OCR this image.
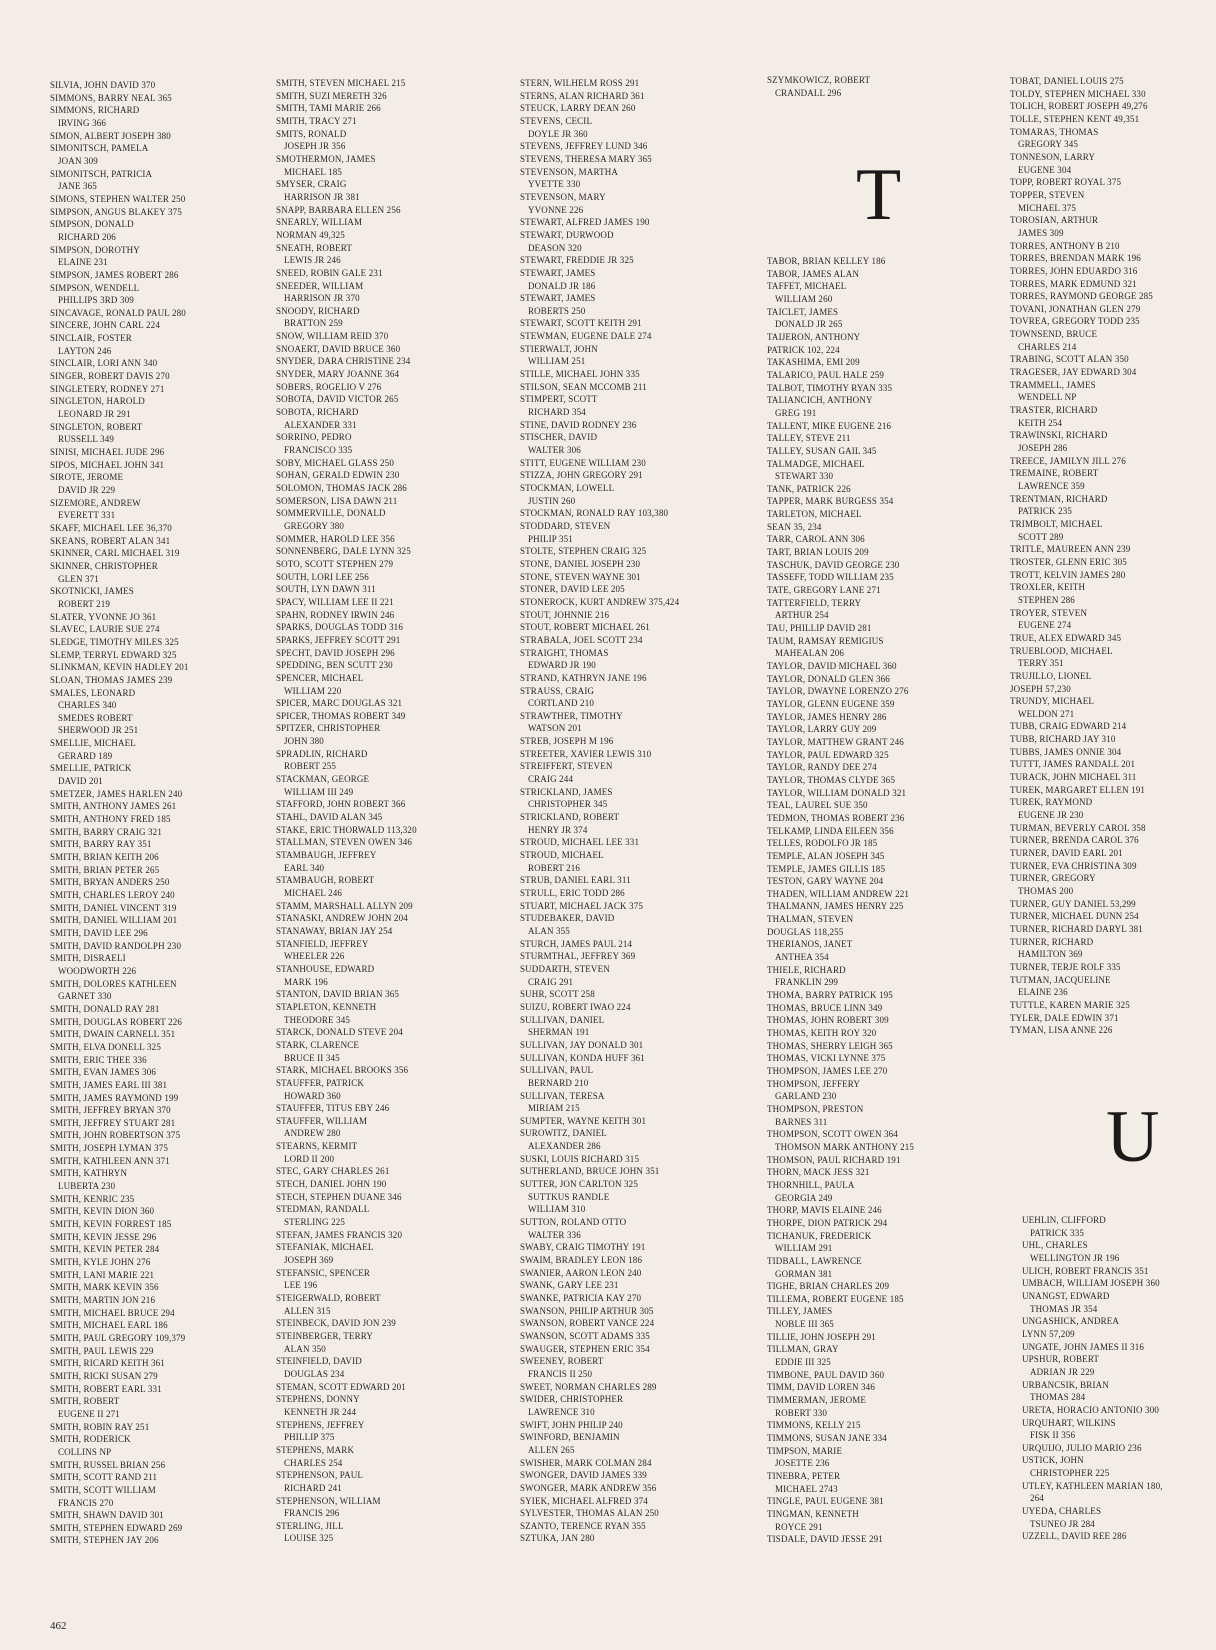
SILVIA, JOHN DAVID 370
SIMMONS, BARRY NEAL 365
SIMMONS, RICHARD
IRVING 366
SIMON, ALBERT JOSEPH 380
SIMONITSCH, PAMELA
JOAN 309
SIMONITSCH, PATRICIA
JANE 365
SIMONS, STEPHEN WALTER 250
SIMPSON, ANGUS BLAKEY 375
SIMPSON, DONALD
RICHARD 206
SIMPSON, DOROTHY
ELAINE 231
SIMPSON, JAMES ROBERT 286
SIMPSON, WENDELL
PHILLIPS 3RD 309
SINCAVAGE, RONALD PAUL 280
SINCERE, JOHN CARL 224
SINCLAIR, FOSTER
LAYTON 246
SINCLAIR, LORI ANN 340
SINGER, ROBERT DAVIS 270
SINGLETERY, RODNEY 271
SINGLETON, HAROLD
LEONARD JR 291
SINGLETON, ROBERT
RUSSELL 349
SINISI, MICHAEL JUDE 296
SIPOS, MICHAEL JOHN 341
SIROTE, JEROME
DAVID JR 229
SIZEMORE, ANDREW
EVERETT 331
SKAFF, MICHAEL LEE 36,370
SKEANS, ROBERT ALAN 341
SKINNER, CARL MICHAEL 319
SKINNER, CHRISTOPHER
GLEN 371
SKOTNICKI, JAMES
ROBERT 219
SLATER, YVONNE JO 361
SLAVEC, LAURIE SUE 274
SLEDGE, TIMOTHY MILES 325
SLEMP, TERRYL EDWARD 325
SLINKMAN, KEVIN HADLEY 201
SLOAN, THOMAS JAMES 239
SMALES, LEONARD
CHARLES 340
SMEDES ROBERT
SHERWOOD JR 251
SMELLIE, MICHAEL
GERARD 189
SMELLIE, PATRICK
DAVID 201
SMETZER, JAMES HARLEN 240
SMITH, ANTHONY JAMES 261
SMITH, ANTHONY FRED 185
SMITH, BARRY CRAIG 321
SMITH, BARRY RAY 351
SMITH, BRIAN KEITH 206
SMITH, BRIAN PETER 265
SMITH, BRYAN ANDERS 250
SMITH, CHARLES LEROY 240
SMITH, DANIEL VINCENT 319
SMITH, DANIEL WILLIAM 201
SMITH, DAVID LEE 296
SMITH, DAVID RANDOLPH 230
SMITH, DISRAELI
WOODWORTH 226
SMITH, DOLORES KATHLEEN
GARNET 330
SMITH, DONALD RAY 281
SMITH, DOUGLAS ROBERT 226
SMITH, DWAIN CARNELL 351
SMITH, ELVA DONELL 325
SMITH, ERIC THEE 336
SMITH, EVAN JAMES 306
SMITH, JAMES EARL III 381
SMITH, JAMES RAYMOND 199
SMITH, JEFFREY BRYAN 370
SMITH, JEFFREY STUART 281
SMITH, JOHN ROBERTSON 375
SMITH, JOSEPH LYMAN 375
SMITH, KATHLEEN ANN 371
SMITH, KATHRYN
LUBERTA 230
SMITH, KENRIC 235
SMITH, KEVIN DION 360
SMITH, KEVIN FORREST 185
SMITH, KEVIN JESSE 296
SMITH, KEVIN PETER 284
SMITH, KYLE JOHN 276
SMITH, LANI MARIE 221
SMITH, MARK KEVIN 356
SMITH, MARTIN JON 216
SMITH, MICHAEL BRUCE 294
SMITH, MICHAEL EARL 186
SMITH, PAUL GREGORY 109,379
SMITH, PAUL LEWIS 229
SMITH, RICARD KEITH 361
SMITH, RICKI SUSAN 279
SMITH, ROBERT EARL 331
SMITH, ROBERT
EUGENE II 271
SMITH, ROBIN RAY 251
SMITH, RODERICK
COLLINS NP
SMITH, RUSSEL BRIAN 256
SMITH, SCOTT RAND 211
SMITH, SCOTT WILLIAM
FRANCIS 270
SMITH, SHAWN DAVID 301
SMITH, STEPHEN EDWARD 269
SMITH, STEPHEN JAY 206
SMITH, STEVEN MICHAEL 215
SMITH, SUZI MERETH 326
SMITH, TAMI MARIE 266
SMITH, TRACY 271
SMITS, RONALD
JOSEPH JR 356
SMOTHERMON, JAMES
MICHAEL 185
SMYSER, CRAIG
HARRISON JR 381
SNAPP, BARBARA ELLEN 256
SNEARLY, WILLIAM
NORMAN 49,325
SNEATH, ROBERT
LEWIS JR 246
SNEED, ROBIN GALE 231
SNEEDER, WILLIAM
HARRISON JR 370
SNOODY, RICHARD
BRATTON 259
SNOW, WILLIAM REID 370
SNOAERT, DAVID BRUCE 360
SNYDER, DARA CHRISTINE 234
SNYDER, MARY JOANNE 364
SOBERS, ROGELIO V 276
SOBOTA, DAVID VICTOR 265
SOBOTA, RICHARD
ALEXANDER 331
SORRINO, PEDRO
FRANCISCO 335
SOBY, MICHAEL GLASS 250
SOHAN, GERALD EDWIN 230
SOLOMON, THOMAS JACK 286
SOMERSON, LISA DAWN 211
SOMMERVILLE, DONALD
GREGORY 380
SOMMER, HAROLD LEE 356
SONNENBERG, DALE LYNN 325
SOTO, SCOTT STEPHEN 279
SOUTH, LORI LEE 256
SOUTH, LYN DAWN 311
SPACY, WILLIAM LEE II 221
SPAHN, RODNEY IRWIN 246
SPARKS, DOUGLAS TODD 316
SPARKS, JEFFREY SCOTT 291
SPECHT, DAVID JOSEPH 296
SPEDDING, BEN SCUTT 230
SPENCER, MICHAEL
WILLIAM 220
SPICER, MARC DOUGLAS 321
SPICER, THOMAS ROBERT 349
SPITZER, CHRISTOPHER
JOHN 380
SPRADLIN, RICHARD
ROBERT 255
STACKMAN, GEORGE
WILLIAM III 249
STAFFORD, JOHN ROBERT 366
STAHL, DAVID ALAN 345
STAKE, ERIC THORWALD 113,320
STALLMAN, STEVEN OWEN 346
STAMBAUGH, JEFFREY
EARL 340
STAMBAUGH, ROBERT
MICHAEL 246
STAMM, MARSHALL ALLYN 209
STANASKI, ANDREW JOHN 204
STANAWAY, BRIAN JAY 254
STANFIELD, JEFFREY
WHEELER 226
STANHOUSE, EDWARD
MARK 196
STANTON, DAVID BRIAN 365
STAPLETON, KENNETH
THEODORE 345
STARCK, DONALD STEVE 204
STARK, CLARENCE
BRUCE II 345
STARK, MICHAEL BROOKS 356
STAUFFER, PATRICK
HOWARD 360
STAUFFER, TITUS EBY 246
STAUFFER, WILLIAM
ANDREW 280
STEARNS, KERMIT
LORD II 200
STEC, GARY CHARLES 261
STECH, DANIEL JOHN 190
STECH, STEPHEN DUANE 346
STEDMAN, RANDALL
STERLING 225
STEFAN, JAMES FRANCIS 320
STEFANIAK, MICHAEL
JOSEPH 369
STEFANSIC, SPENCER
LEE 196
STEIGERWALD, ROBERT
ALLEN 315
STEINBECK, DAVID JON 239
STEINBERGER, TERRY
ALAN 350
STEINFIELD, DAVID
DOUGLAS 234
STEMAN, SCOTT EDWARD 201
STEPHENS, DONNY
KENNETH JR 244
STEPHENS, JEFFREY
PHILLIP 375
STEPHENS, MARK
CHARLES 254
STEPHENSON, PAUL
RICHARD 241
STEPHENSON, WILLIAM
FRANCIS 296
STERLING, JILL
LOUISE 325
STERN, WILHELM ROSS 291
STERNS, ALAN RICHARD 361
STEUCK, LARRY DEAN 260
STEVENS, CECIL
DOYLE JR 360
STEVENS, JEFFREY LUND 346
STEVENS, THERESA MARY 365
STEVENSON, MARTHA
YVETTE 330
STEVENSON, MARY
YVONNE 226
STEWART, ALFRED JAMES 190
STEWART, DURWOOD
DEASON 320
STEWART, FREDDIE JR 325
STEWART, JAMES
DONALD JR 186
STEWART, JAMES
ROBERTS 250
STEWART, SCOTT KEITH 291
STEWMAN, EUGENE DALE 274
STIERWALT, JOHN
WILLIAM 251
STILLE, MICHAEL JOHN 335
STILSON, SEAN MCCOMB 211
STIMPERT, SCOTT
RICHARD 354
STINE, DAVID RODNEY 236
STISCHER, DAVID
WALTER 306
STITT, EUGENE WILLIAM 230
STIZZA, JOHN GREGORY 291
STOCKMAN, LOWELL
JUSTIN 260
STOCKMAN, RONALD RAY 103,380
STODDARD, STEVEN
PHILIP 351
STOLTE, STEPHEN CRAIG 325
STONE, DANIEL JOSEPH 230
STONE, STEVEN WAYNE 301
STONER, DAVID LEE 205
STONEROCK, KURT ANDREW 375,424
STOUT, JOHNNIE 216
STOUT, ROBERT MICHAEL 261
STRABALA, JOEL SCOTT 234
STRAIGHT, THOMAS
EDWARD JR 190
STRAND, KATHRYN JANE 196
STRAUSS, CRAIG
CORTLAND 210
STRAWTHER, TIMOTHY
WATSON 201
STREB, JOSEPH M 196
STREETER, XAVIER LEWIS 310
STREIFFERT, STEVEN
CRAIG 244
STRICKLAND, JAMES
CHRISTOPHER 345
STRICKLAND, ROBERT
HENRY JR 374
STROUD, MICHAEL LEE 331
STROUD, MICHAEL
ROBERT 216
STRUB, DANIEL EARL 311
STRULL, ERIC TODD 286
STUART, MICHAEL JACK 375
STUDEBAKER, DAVID
ALAN 355
STURCH, JAMES PAUL 214
STURMTHAL, JEFFREY 369
SUDDARTH, STEVEN
CRAIG 291
SUHR, SCOTT 258
SUIZU, ROBERT IWAO 224
SULLIVAN, DANIEL
SHERMAN 191
SULLIVAN, JAY DONALD 301
SULLIVAN, KONDA HUFF 361
SULLIVAN, PAUL
BERNARD 210
SULLIVAN, TERESA
MIRIAM 215
SUMPTER, WAYNE KEITH 301
SUROWITZ, DANIEL
ALEXANDER 286
SUSKI, LOUIS RICHARD 315
SUTHERLAND, BRUCE JOHN 351
SUTTER, JON CARLTON 325
SUTTKUS RANDLE
WILLIAM 310
SUTTON, ROLAND OTTO
WALTER 336
SWABY, CRAIG TIMOTHY 191
SWAIM, BRADLEY LEON 186
SWANIER, AARON LEON 240
SWANK, GARY LEE 231
SWANKE, PATRICIA KAY 270
SWANSON, PHILIP ARTHUR 305
SWANSON, ROBERT VANCE 224
SWANSON, SCOTT ADAMS 335
SWAUGER, STEPHEN ERIC 354
SWEENEY, ROBERT
FRANCIS II 250
SWEET, NORMAN CHARLES 289
SWIDER, CHRISTOPHER
LAWRENCE 310
SWIFT, JOHN PHILIP 240
SWINFORD, BENJAMIN
ALLEN 265
SWISHER, MARK COLMAN 284
SWONGER, DAVID JAMES 339
SWONGER, MARK ANDREW 356
SYIEK, MICHAEL ALFRED 374
SYLVESTER, THOMAS ALAN 250
SZANTO, TERENCE RYAN 355
SZTUKA, JAN 280
SZYMKOWICZ, ROBERT
CRANDALL 296
T
TABOR, BRIAN KELLEY 186
TABOR, JAMES ALAN
TAFFET, MICHAEL
WILLIAM 260
TAICLET, JAMES
DONALD JR 265
TAIJERON, ANTHONY
PATRICK 102, 224
TAKASHIMA, EMI 209
TALARICO, PAUL HALE 259
TALBOT, TIMOTHY RYAN 335
TALIANCICH, ANTHONY
GREG 191
TALLENT, MIKE EUGENE 216
TALLEY, STEVE 211
TALLEY, SUSAN GAIL 345
TALMADGE, MICHAEL
STEWART 330
TANK, PATRICK 226
TAPPER, MARK BURGESS 354
TARLETON, MICHAEL
SEAN 35, 234
TARR, CAROL ANN 306
TART, BRIAN LOUIS 209
TASCHUK, DAVID GEORGE 230
TASSEFF, TODD WILLIAM 235
TATE, GREGORY LANE 271
TATTERFIELD, TERRY
ARTHUR 254
TAU, PHILLIP DAVID 281
TAUM, RAMSAY REMIGIUS
MAHEALAN 206
TAYLOR, DAVID MICHAEL 360
TAYLOR, DONALD GLEN 366
TAYLOR, DWAYNE LORENZO 276
TAYLOR, GLENN EUGENE 359
TAYLOR, JAMES HENRY 286
TAYLOR, LARRY GUY 209
TAYLOR, MATTHEW GRANT 246
TAYLOR, PAUL EDWARD 325
TAYLOR, RANDY DEE 274
TAYLOR, THOMAS CLYDE 365
TAYLOR, WILLIAM DONALD 321
TEAL, LAUREL SUE 350
TEDMON, THOMAS ROBERT 236
TELKAMP, LINDA EILEEN 356
TELLES, RODOLFO JR 185
TEMPLE, ALAN JOSEPH 345
TEMPLE, JAMES GILLIS 185
TESTON, GARY WAYNE 204
THADEN, WILLIAM ANDREW 221
THALMANN, JAMES HENRY 225
THALMAN, STEVEN
DOUGLAS 118,255
THERIANOS, JANET
ANTHEA 354
THIELE, RICHARD
FRANKLIN 299
THOMA, BARRY PATRICK 195
THOMAS, BRUCE LINN 349
THOMAS, JOHN ROBERT 309
THOMAS, KEITH ROY 320
THOMAS, SHERRY LEIGH 365
THOMAS, VICKI LYNNE 375
THOMPSON, JAMES LEE 270
THOMPSON, JEFFERY
GARLAND 230
THOMPSON, PRESTON
BARNES 311
THOMPSON, SCOTT OWEN 364
THOMSON MARK ANTHONY 215
THOMSON, PAUL RICHARD 191
THORN, MACK JESS 321
THORNHILL, PAULA
GEORGIA 249
THORP, MAVIS ELAINE 246
THORPE, DION PATRICK 294
TICHANUK, FREDERICK
WILLIAM 291
TIDBALL, LAWRENCE
GORMAN 381
TIGHE, BRIAN CHARLES 209
TILLEMA, ROBERT EUGENE 185
TILLEY, JAMES
NOBLE III 365
TILLIE, JOHN JOSEPH 291
TILLMAN, GRAY
EDDIE III 325
TIMBONE, PAUL DAVID 360
TIMM, DAVID LOREN 346
TIMMERMAN, JEROME
ROBERT 330
TIMMONS, KELLY 215
TIMMONS, SUSAN JANE 334
TIMPSON, MARIE
JOSETTE 236
TINEBRA, PETER
MICHAEL 2743
TINGLE, PAUL EUGENE 381
TINGMAN, KENNETH
ROYCE 291
TISDALE, DAVID JESSE 291
TOBAT, DANIEL LOUIS 275
TOLDY, STEPHEN MICHAEL 330
TOLICH, ROBERT JOSEPH 49,276
TOLLE, STEPHEN KENT 49,351
TOMARAS, THOMAS
GREGORY 345
TONNESON, LARRY
EUGENE 304
TOPP, ROBERT ROYAL 375
TOPPER, STEVEN
MICHAEL 375
TOROSIAN, ARTHUR
JAMES 309
TORRES, ANTHONY B 210
TORRES, BRENDAN MARK 196
TORRES, JOHN EDUARDO 316
TORRES, MARK EDMUND 321
TORRES, RAYMOND GEORGE 285
TOVANI, JONATHAN GLEN 279
TOVREA, GREGORY TODD 235
TOWNSEND, BRUCE
CHARLES 214
TRABING, SCOTT ALAN 350
TRAGESER, JAY EDWARD 304
TRAMMELL, JAMES
WENDELL NP
TRASTER, RICHARD
KEITH 254
TRAWINSKI, RICHARD
JOSEPH 286
TREECE, JAMILYN JILL 276
TREMAINE, ROBERT
LAWRENCE 359
TRENTMAN, RICHARD
PATRICK 235
TRIMBOLT, MICHAEL
SCOTT 289
TRITLE, MAUREEN ANN 239
TROSTER, GLENN ERIC 305
TROTT, KELVIN JAMES 280
TROXLER, KEITH
STEPHEN 286
TROYER, STEVEN
EUGENE 274
TRUE, ALEX EDWARD 345
TRUEBLOOD, MICHAEL
TERRY 351
TRUJILLO, LIONEL
JOSEPH 57,230
TRUNDY, MICHAEL
WELDON 271
TUBB, CRAIG EDWARD 214
TUBB, RICHARD JAY 310
TUBBS, JAMES ONNIE 304
TUTTT, JAMES RANDALL 201
TURACK, JOHN MICHAEL 311
TUREK, MARGARET ELLEN 191
TUREK, RAYMOND
EUGENE JR 230
TURMAN, BEVERLY CAROL 358
TURNER, BRENDA CAROL 376
TURNER, DAVID EARL 201
TURNER, EVA CHRISTINA 309
TURNER, GREGORY
THOMAS 200
TURNER, GUY DANIEL 53,299
TURNER, MICHAEL DUNN 254
TURNER, RICHARD DARYL 381
TURNER, RICHARD
HAMILTON 369
TURNER, TERJE ROLF 335
TUTMAN, JACQUELINE
ELAINE 236
TUTTLE, KAREN MARIE 325
TYLER, DALE EDWIN 371
TYMAN, LISA ANNE 226
U
UEHLIN, CLIFFORD
PATRICK 335
UHL, CHARLES
WELLINGTON JR 196
ULICH, ROBERT FRANCIS 351
UMBACH, WILLIAM JOSEPH 360
UNANGST, EDWARD
THOMAS JR 354
UNGASHICK, ANDREA
LYNN 57,209
UNGATE, JOHN JAMES II 316
UPSHUR, ROBERT
ADRIAN JR 229
URBANCSIK, BRIAN
THOMAS 284
URETA, HORACIO ANTONIO 300
URQUHART, WILKINS
FISK II 356
URQUIJO, JULIO MARIO 236
USTICK, JOHN
CHRISTOPHER 225
UTLEY, KATHLEEN MARIAN 180,
264
UYEDA, CHARLES
TSUNEO JR 284
UZZELL, DAVID REE 286
462
